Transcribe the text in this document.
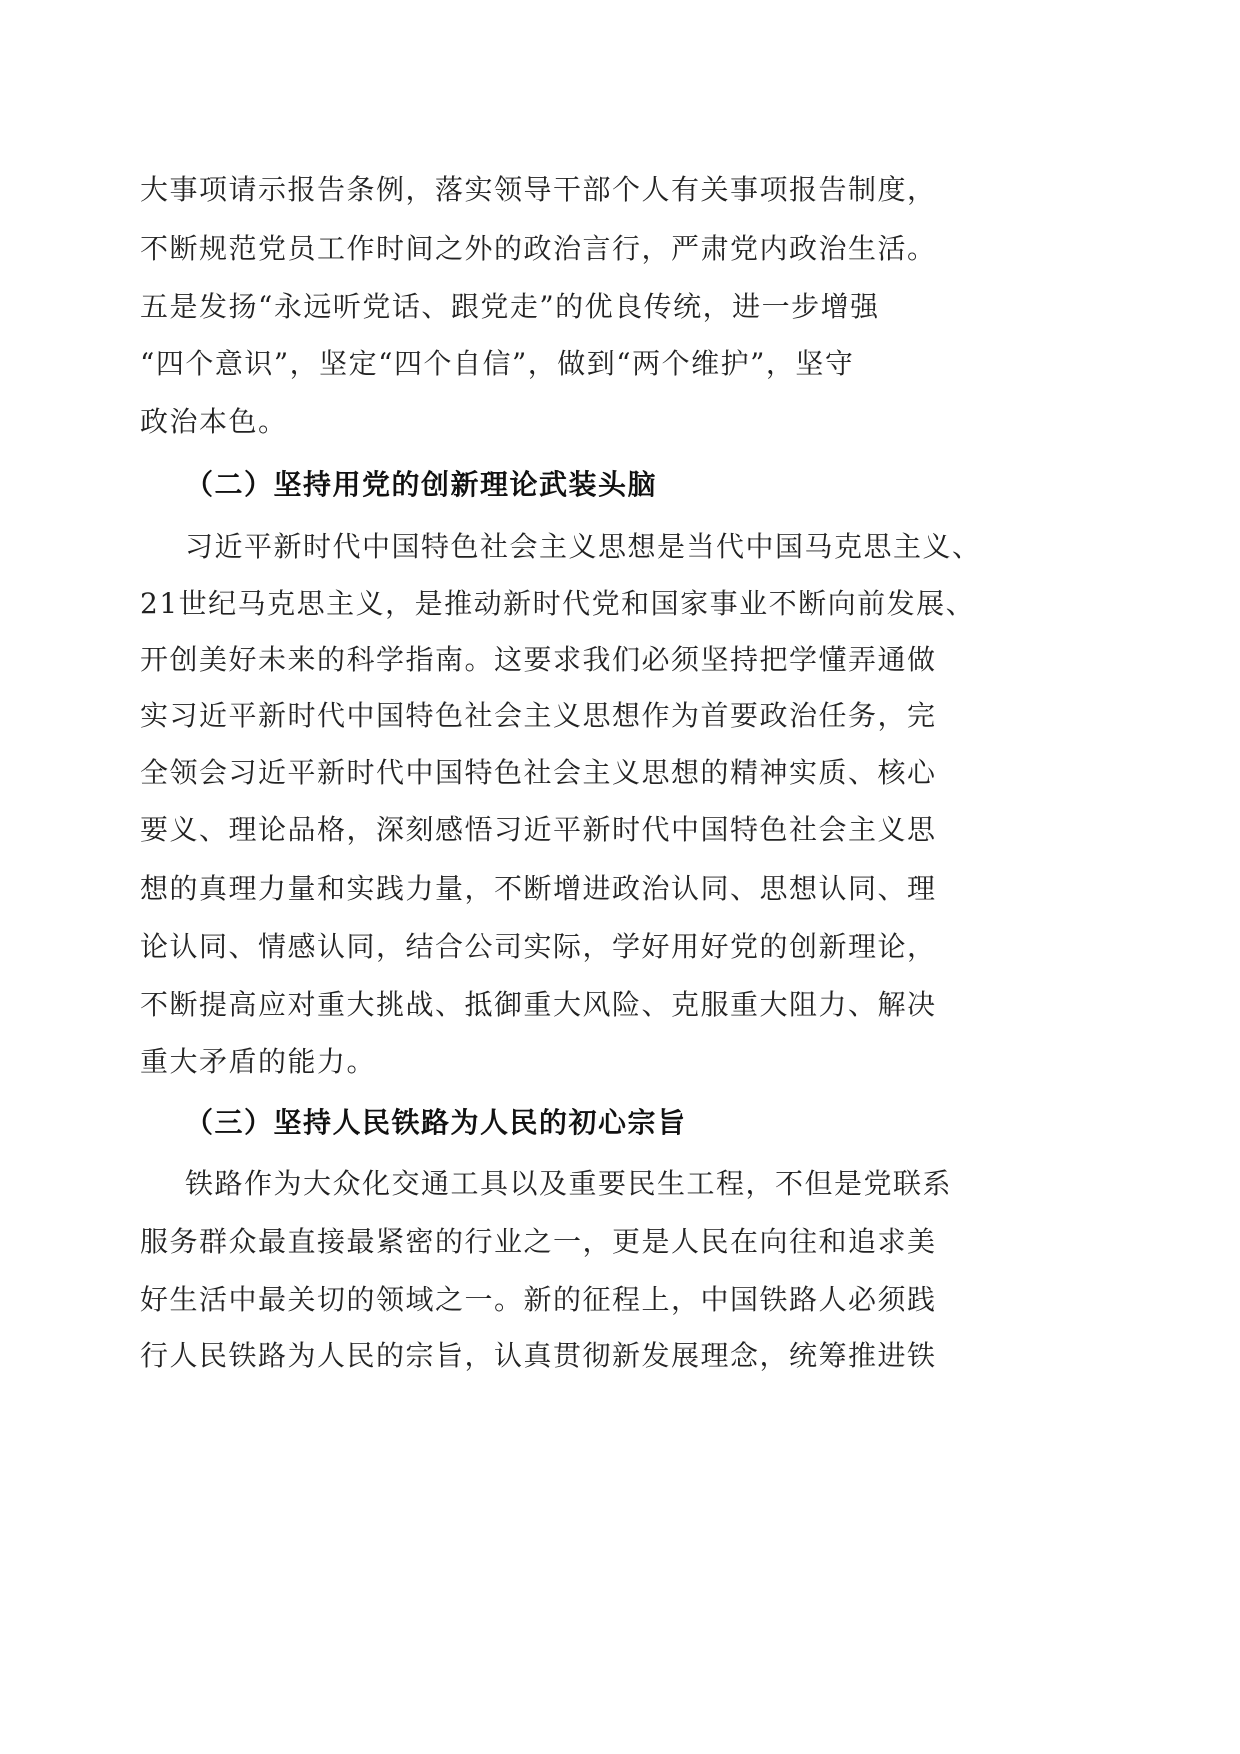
大事项请示报告条例，落实领导干部个人有关事项报告制度，
不断规范党员工作时间之外的政治言行，严肃党内政治生活。
五是发扬“永远听党话、跟党走”的优良传统，进一步增强
“四个意识”，坚定“四个自信”，做到“两个维护”，坚守
政治本色。
（二）坚持用党的创新理论武装头脑
习近平新时代中国特色社会主义思想是当代中国马克思主义、
21世纪马克思主义，是推动新时代党和国家事业不断向前发展、
开创美好未来的科学指南。这要求我们必须坚持把学懂弄通做
实习近平新时代中国特色社会主义思想作为首要政治任务，完
全领会习近平新时代中国特色社会主义思想的精神实质、核心
要义、理论品格，深刻感悟习近平新时代中国特色社会主义思
想的真理力量和实践力量，不断增进政治认同、思想认同、理
论认同、情感认同，结合公司实际，学好用好党的创新理论，
不断提高应对重大挑战、抵御重大风险、克服重大阻力、解决
重大矛盾的能力。
（三）坚持人民铁路为人民的初心宗旨
铁路作为大众化交通工具以及重要民生工程，不但是党联系
服务群众最直接最紧密的行业之一，更是人民在向往和追求美
好生活中最关切的领域之一。新的征程上，中国铁路人必须践
行人民铁路为人民的宗旨，认真贯彻新发展理念，统筹推进铁
